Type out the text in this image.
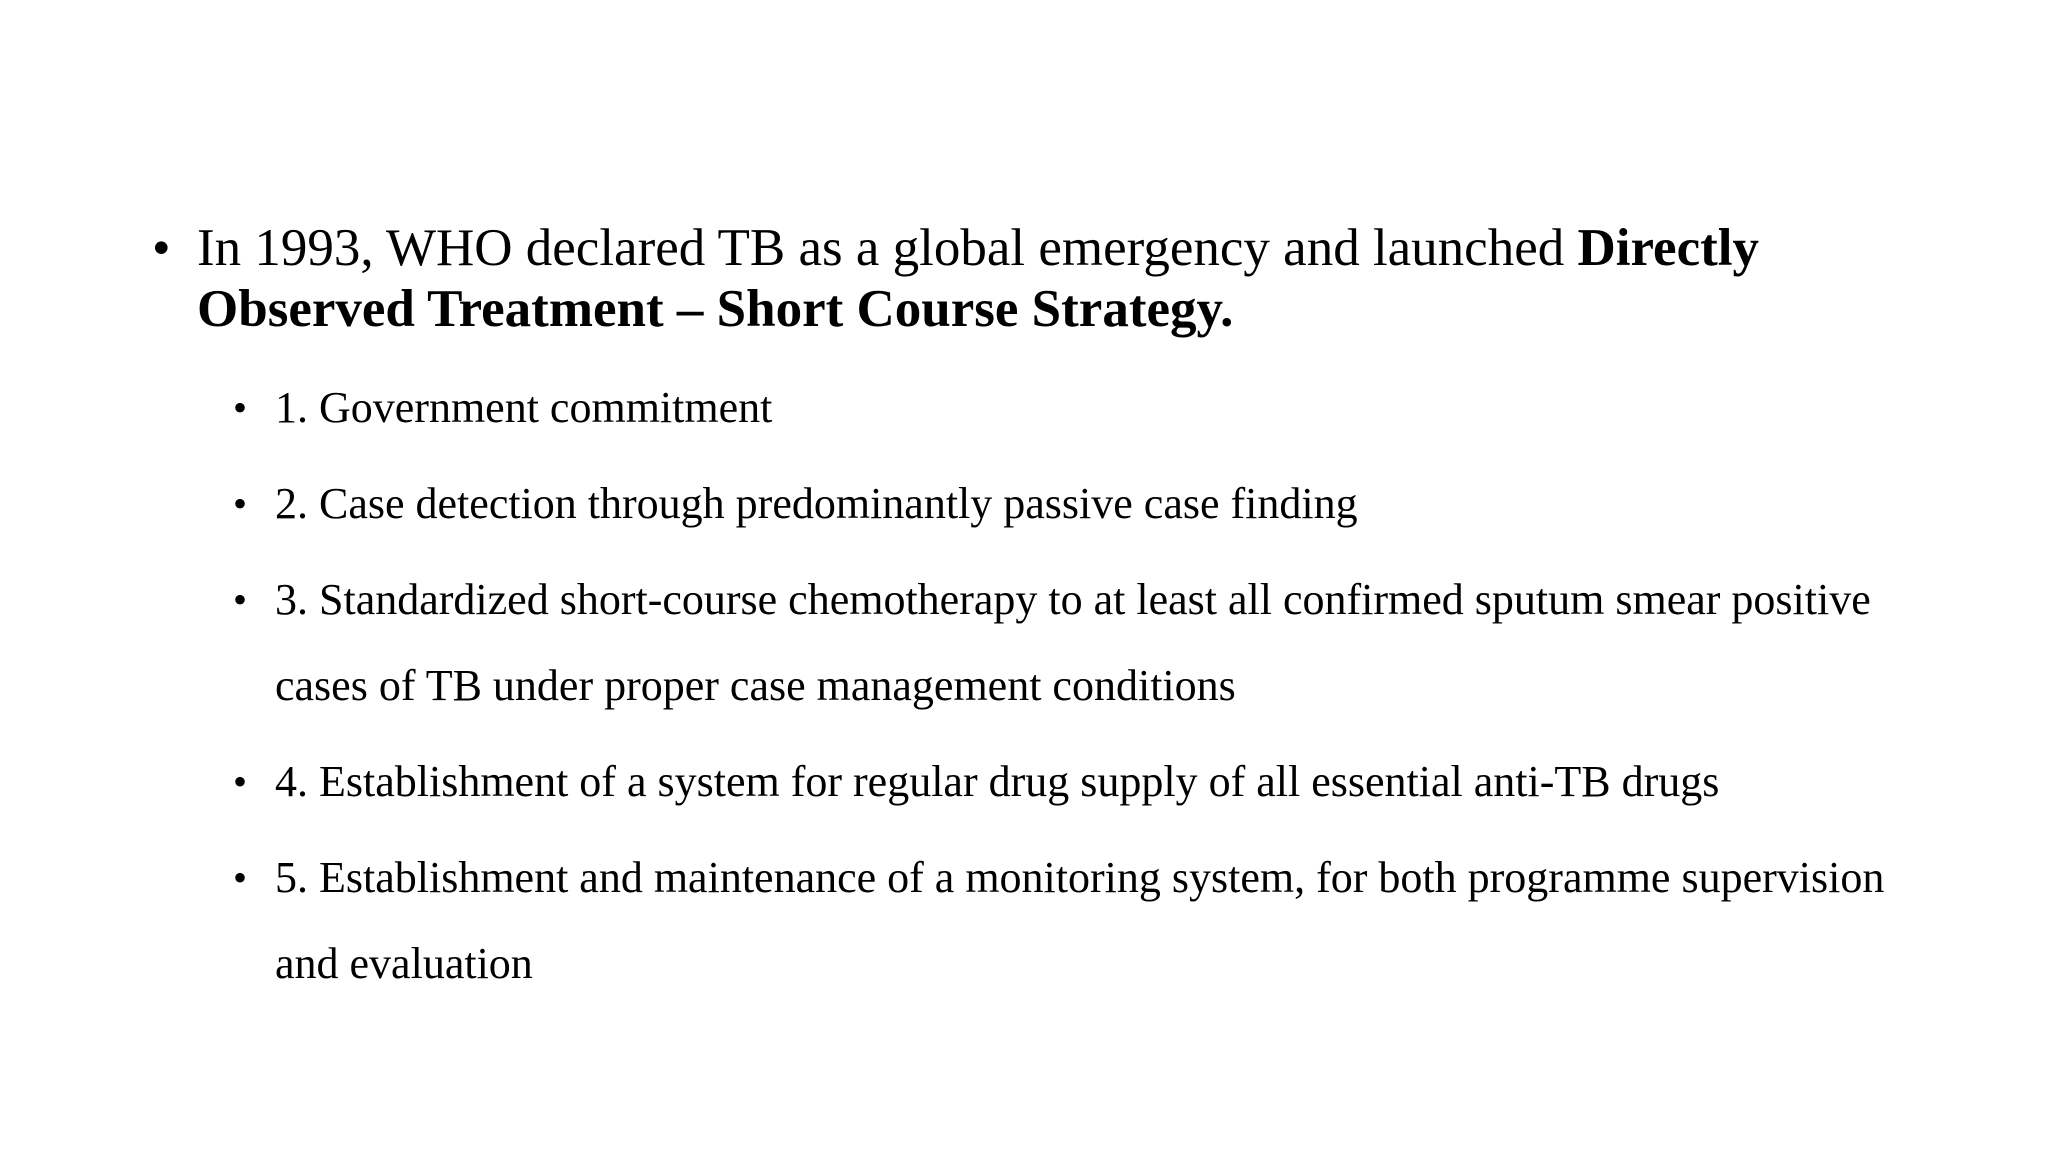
• In 1993, WHO declared TB as a global emergency and launched Directly Observed Treatment – Short Course Strategy.
• 1. Government commitment
• 2. Case detection through predominantly passive case finding
• 3. Standardized short-course chemotherapy to at least all confirmed sputum smear positive cases of TB under proper case management conditions
• 4. Establishment of a system for regular drug supply of all essential anti-TB drugs
• 5. Establishment and maintenance of a monitoring system, for both programme supervision and evaluation
